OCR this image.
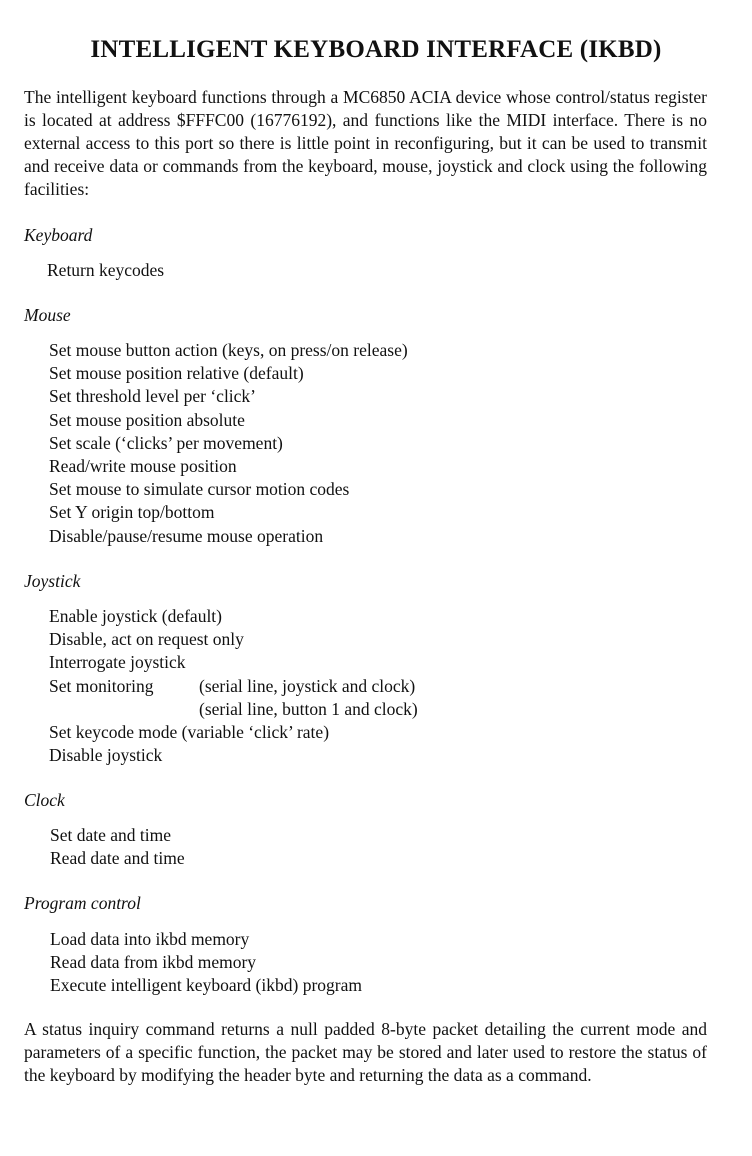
INTELLIGENT KEYBOARD INTERFACE (IKBD)

The intelligent keyboard functions through a MC6850 ACIA device whose control/status register is located at address $FFFC00 (16776192), and functions like the MIDI interface. There is no external access to this port so there is little point in reconfiguring, but it can be used to transmit and receive data or commands from the keyboard, mouse, joystick and clock using the following facilities:

Keyboard

Return keycodes

Mouse

Set mouse button action (keys, on press/on release)
Set mouse position relative (default)
Set threshold level per ‘click’
Set mouse position absolute
Set scale (‘clicks’ per movement)
Read/write mouse position
Set mouse to simulate cursor motion codes
Set Y origin top/bottom
Disable/pause/resume mouse operation

Joystick

Enable joystick (default)
Disable, act on request only
Interrogate joystick
Set monitoring	(serial line, joystick and clock)
(serial line, button 1 and clock)
Set keycode mode (variable ‘click’ rate)
Disable joystick

Clock

Set date and time
Read date and time

Program control

Load data into ikbd memory
Read data from ikbd memory
Execute intelligent keyboard (ikbd) program

A status inquiry command returns a null padded 8-byte packet detailing the current mode and parameters of a specific function, the packet may be stored and later used to restore the status of the keyboard by modifying the header byte and returning the data as a command.
